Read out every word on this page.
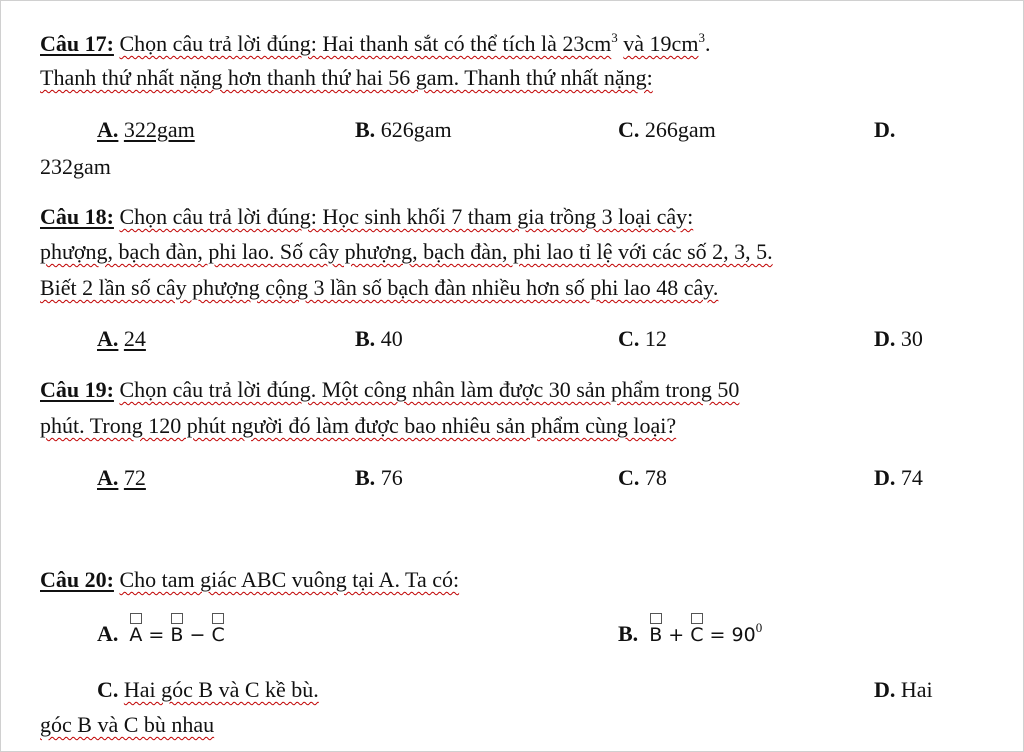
Câu 17: Chọn câu trả lời đúng: Hai thanh sắt có thể tích là $23cm^3$ và $19cm^3$.
Thanh thứ nhất nặng hơn thanh thứ hai 56 gam. Thanh thứ nhất nặng:
A. 322gam	B. 626gam	C. 266gam	D.
232gam
Câu 18: Chọn câu trả lời đúng: Học sinh khối 7 tham gia trồng 3 loại cây:
phượng, bạch đàn, phi lao. Số cây phượng, bạch đàn, phi lao tỉ lệ với các số 2, 3, 5.
Biết 2 lần số cây phượng cộng 3 lần số bạch đàn nhiều hơn số phi lao 48 cây.
A. 24	B. 40	C. 12	D. 30
Câu 19: Chọn câu trả lời đúng. Một công nhân làm được 30 sản phẩm trong 50
phút. Trong 120 phút người đó làm được bao nhiêu sản phẩm cùng loại?
A. 72	B. 76	C. 78	D. 74
Câu 20: Cho tam giác ABC vuông tại A. Ta có:
A. A =
B −
C	B. B +
$C = 90^0$
C. Hai góc B và C kề bù.	D. Hai
góc B và C bù nhau
